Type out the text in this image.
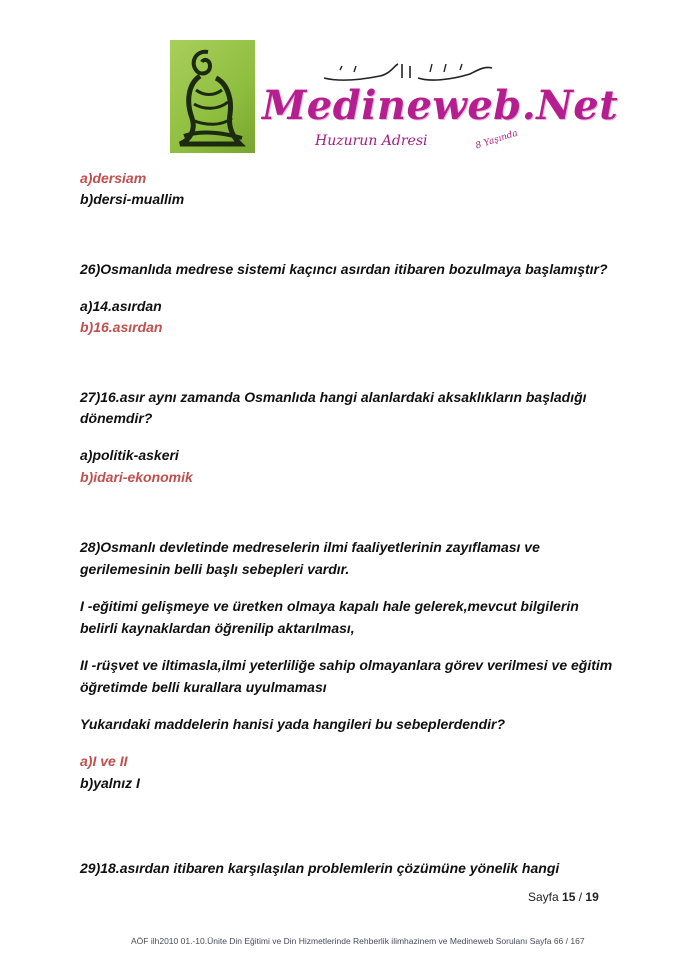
Medineweb.Net
Huzurun Adresi	8 Yaşında
a)dersiam
b)dersi-muallim
26)Osmanlıda medrese sistemi kaçıncı asırdan itibaren bozulmaya başlamıştır?
a)14.asırdan
b)16.asırdan
27)16.asır aynı zamanda Osmanlıda hangi alanlardaki aksaklıkların başladığı
dönemdir?
a)politik-askeri
b)idari-ekonomik
28)Osmanlı devletinde medreselerin ilmi faaliyetlerinin zayıflaması ve
gerilemesinin belli başlı sebepleri vardır.
I -eğitimi gelişmeye ve üretken olmaya kapalı hale gelerek,mevcut bilgilerin
belirli kaynaklardan öğrenilip aktarılması,
II -rüşvet ve iltimasla,ilmi yeterliliğe sahip olmayanlara görev verilmesi ve eğitim
öğretimde belli kurallara uyulmaması
Yukarıdaki maddelerin hanisi yada hangileri bu sebeplerdendir?
a)I ve II
b)yalnız I
29)18.asırdan itibaren karşılaşılan problemlerin çözümüne yönelik hangi
Sayfa 15 / 19
AÖF ilh2010 01.-10.Ünite Din Eğitimi ve Din Hizmetlerinde Rehberlik ilimhazinem ve Medineweb Sorulanı Sayfa 66 / 167
